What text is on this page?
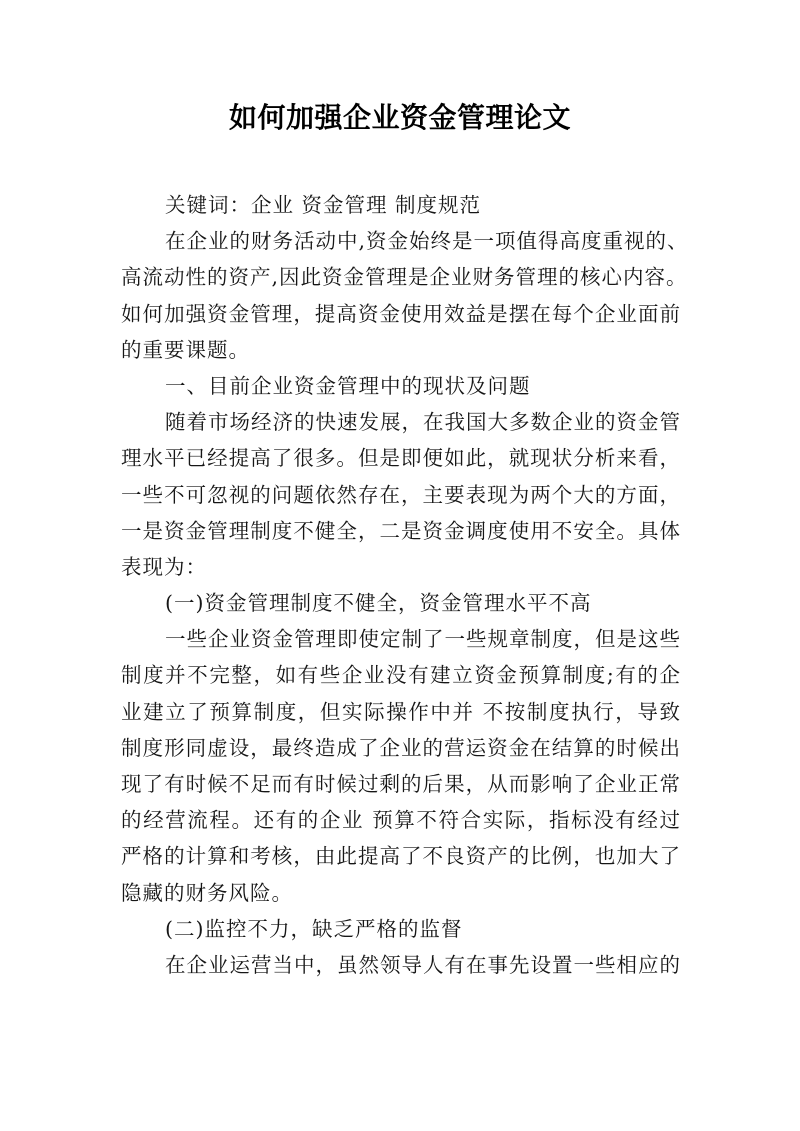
如何加强企业资金管理论文
关键词：企业 资金管理 制度规范
在企业的财务活动中,资金始终是一项值得高度重视的、
高流动性的资产,因此资金管理是企业财务管理的核心内容。
如何加强资金管理，提高资金使用效益是摆在每个企业面前
的重要课题。
一、目前企业资金管理中的现状及问题
随着市场经济的快速发展，在我国大多数企业的资金管
理水平已经提高了很多。但是即便如此，就现状分析来看，
一些不可忽视的问题依然存在，主要表现为两个大的方面，
一是资金管理制度不健全，二是资金调度使用不安全。具体
表现为：
(一)资金管理制度不健全，资金管理水平不高
一些企业资金管理即使定制了一些规章制度，但是这些
制度并不完整，如有些企业没有建立资金预算制度;有的企
业建立了预算制度，但实际操作中并 不按制度执行，导致
制度形同虚设，最终造成了企业的营运资金在结算的时候出
现了有时候不足而有时候过剩的后果，从而影响了企业正常
的经营流程。还有的企业 预算不符合实际，指标没有经过
严格的计算和考核，由此提高了不良资产的比例，也加大了
隐藏的财务风险。
(二)监控不力，缺乏严格的监督
在企业运营当中，虽然领导人有在事先设置一些相应的
